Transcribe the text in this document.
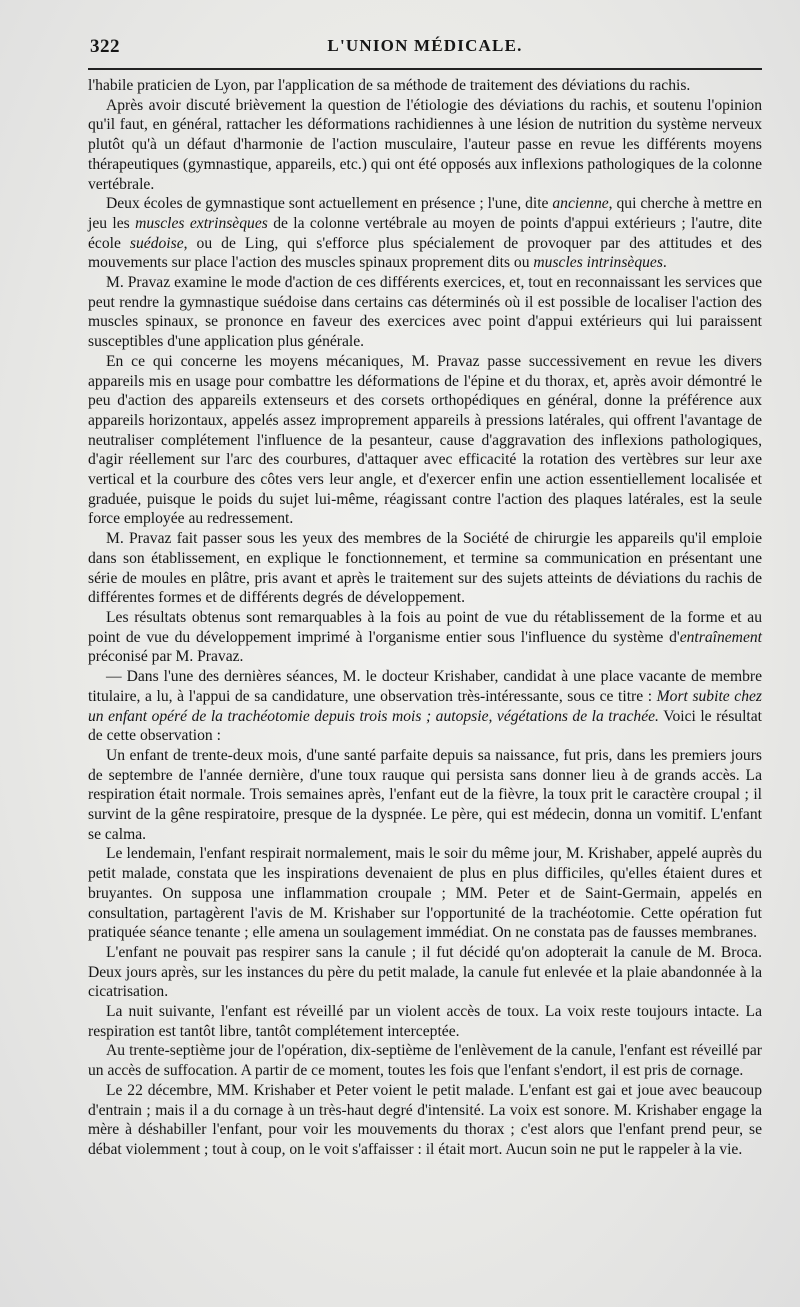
322	L'UNION MÉDICALE.

l'habile praticien de Lyon, par l'application de sa méthode de traitement des déviations du rachis.

Après avoir discuté brièvement la question de l'étiologie des déviations du rachis, et soutenu l'opinion qu'il faut, en général, rattacher les déformations rachidiennes à une lésion de nutrition du système nerveux plutôt qu'à un défaut d'harmonie de l'action musculaire, l'auteur passe en revue les différents moyens thérapeutiques (gymnastique, appareils, etc.) qui ont été opposés aux inflexions pathologiques de la colonne vertébrale.

Deux écoles de gymnastique sont actuellement en présence ; l'une, dite ancienne, qui cherche à mettre en jeu les muscles extrinsèques de la colonne vertébrale au moyen de points d'appui extérieurs ; l'autre, dite école suédoise, ou de Ling, qui s'efforce plus spécialement de provoquer par des attitudes et des mouvements sur place l'action des muscles spinaux proprement dits ou muscles intrinsèques.

M. Pravaz examine le mode d'action de ces différents exercices, et, tout en reconnaissant les services que peut rendre la gymnastique suédoise dans certains cas déterminés où il est possible de localiser l'action des muscles spinaux, se prononce en faveur des exercices avec point d'appui extérieurs qui lui paraissent susceptibles d'une application plus générale.

En ce qui concerne les moyens mécaniques, M. Pravaz passe successivement en revue les divers appareils mis en usage pour combattre les déformations de l'épine et du thorax, et, après avoir démontré le peu d'action des appareils extenseurs et des corsets orthopédiques en général, donne la préférence aux appareils horizontaux, appelés assez improprement appareils à pressions latérales, qui offrent l'avantage de neutraliser complétement l'influence de la pesanteur, cause d'aggravation des inflexions pathologiques, d'agir réellement sur l'arc des courbures, d'attaquer avec efficacité la rotation des vertèbres sur leur axe vertical et la courbure des côtes vers leur angle, et d'exercer enfin une action essentiellement localisée et graduée, puisque le poids du sujet lui-même, réagissant contre l'action des plaques latérales, est la seule force employée au redressement.

M. Pravaz fait passer sous les yeux des membres de la Société de chirurgie les appareils qu'il emploie dans son établissement, en explique le fonctionnement, et termine sa communication en présentant une série de moules en plâtre, pris avant et après le traitement sur des sujets atteints de déviations du rachis de différentes formes et de différents degrés de développement.

Les résultats obtenus sont remarquables à la fois au point de vue du rétablissement de la forme et au point de vue du développement imprimé à l'organisme entier sous l'influence du système d'entraînement préconisé par M. Pravaz.

— Dans l'une des dernières séances, M. le docteur Krishaber, candidat à une place vacante de membre titulaire, a lu, à l'appui de sa candidature, une observation très-intéressante, sous ce titre : Mort subite chez un enfant opéré de la trachéotomie depuis trois mois ; autopsie, végétations de la trachée. Voici le résultat de cette observation :

Un enfant de trente-deux mois, d'une santé parfaite depuis sa naissance, fut pris, dans les premiers jours de septembre de l'année dernière, d'une toux rauque qui persista sans donner lieu à de grands accès. La respiration était normale. Trois semaines après, l'enfant eut de la fièvre, la toux prit le caractère croupal ; il survint de la gêne respiratoire, presque de la dyspnée. Le père, qui est médecin, donna un vomitif. L'enfant se calma.

Le lendemain, l'enfant respirait normalement, mais le soir du même jour, M. Krishaber, appelé auprès du petit malade, constata que les inspirations devenaient de plus en plus difficiles, qu'elles étaient dures et bruyantes. On supposa une inflammation croupale ; MM. Peter et de Saint-Germain, appelés en consultation, partagèrent l'avis de M. Krishaber sur l'opportunité de la trachéotomie. Cette opération fut pratiquée séance tenante ; elle amena un soulagement immédiat. On ne constata pas de fausses membranes.

L'enfant ne pouvait pas respirer sans la canule ; il fut décidé qu'on adopterait la canule de M. Broca. Deux jours après, sur les instances du père du petit malade, la canule fut enlevée et la plaie abandonnée à la cicatrisation.

La nuit suivante, l'enfant est réveillé par un violent accès de toux. La voix reste toujours intacte. La respiration est tantôt libre, tantôt complétement interceptée.

Au trente-septième jour de l'opération, dix-septième de l'enlèvement de la canule, l'enfant est réveillé par un accès de suffocation. A partir de ce moment, toutes les fois que l'enfant s'endort, il est pris de cornage.

Le 22 décembre, MM. Krishaber et Peter voient le petit malade. L'enfant est gai et joue avec beaucoup d'entrain ; mais il a du cornage à un très-haut degré d'intensité. La voix est sonore. M. Krishaber engage la mère à déshabiller l'enfant, pour voir les mouvements du thorax ; c'est alors que l'enfant prend peur, se débat violemment ; tout à coup, on le voit s'affaisser : il était mort. Aucun soin ne put le rappeler à la vie.
